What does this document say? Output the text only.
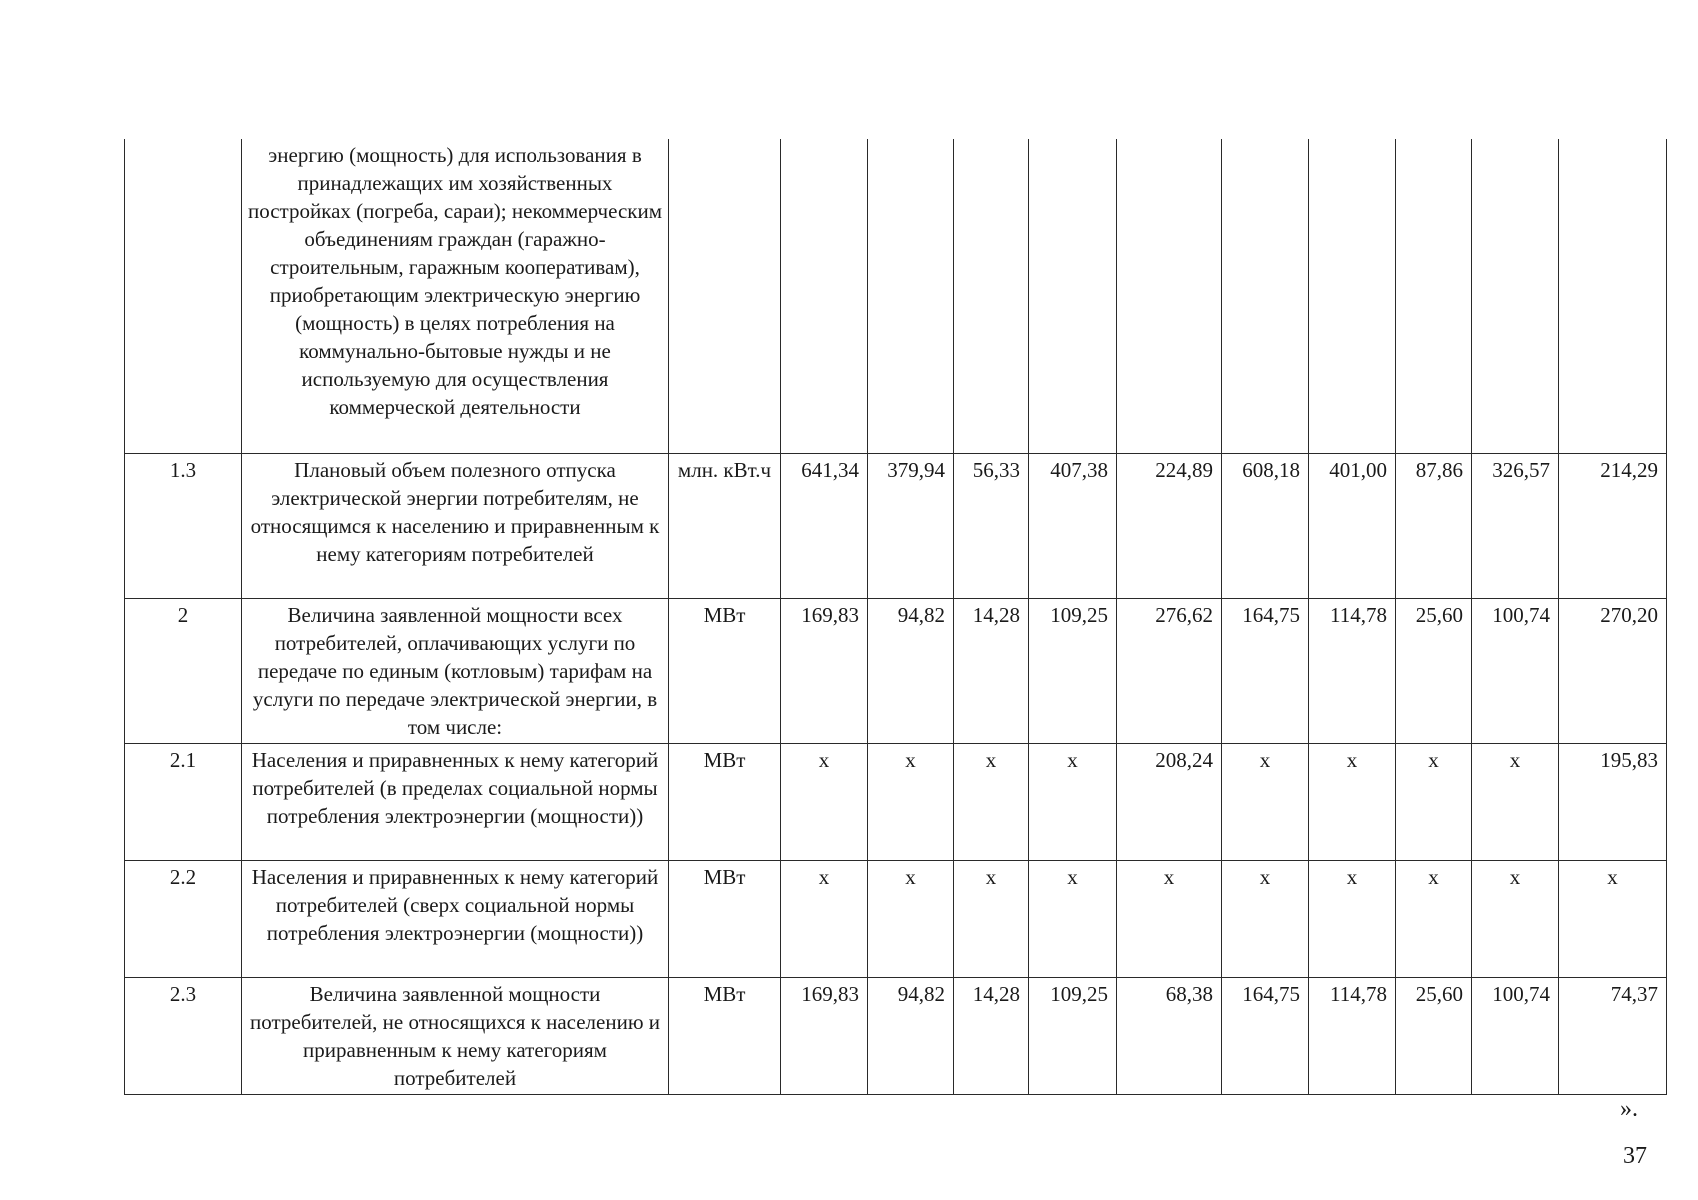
	энергию (мощность) для использования в принадлежащих им хозяйственных постройках (погреба, сараи); некоммерческим объединениям граждан (гаражно-строительным, гаражным кооперативам), приобретающим электрическую энергию (мощность) в целях потребления на коммунально-бытовые нужды и не используемую для осуществления коммерческой деятельности											
1.3	Плановый объем полезного отпуска электрической энергии потребителям, не относящимся к населению и приравненным к нему категориям потребителей	млн. кВт.ч	641,34	379,94	56,33	407,38	224,89	608,18	401,00	87,86	326,57	214,29
2	Величина заявленной мощности всех потребителей, оплачивающих услуги по передаче по единым (котловым) тарифам на услуги по передаче электрической энергии, в том числе:	МВт	169,83	94,82	14,28	109,25	276,62	164,75	114,78	25,60	100,74	270,20
2.1	Населения и приравненных к нему категорий потребителей (в пределах социальной нормы потребления электроэнергии (мощности))	МВт	х	х	х	х	208,24	х	х	х	х	195,83
2.2	Населения и приравненных к нему категорий потребителей (сверх социальной нормы потребления электроэнергии (мощности))	МВт	х	х	х	х	х	х	х	х	х	х
2.3	Величина заявленной мощности потребителей, не относящихся к населению и приравненным к нему категориям потребителей	МВт	169,83	94,82	14,28	109,25	68,38	164,75	114,78	25,60	100,74	74,37
».
37
